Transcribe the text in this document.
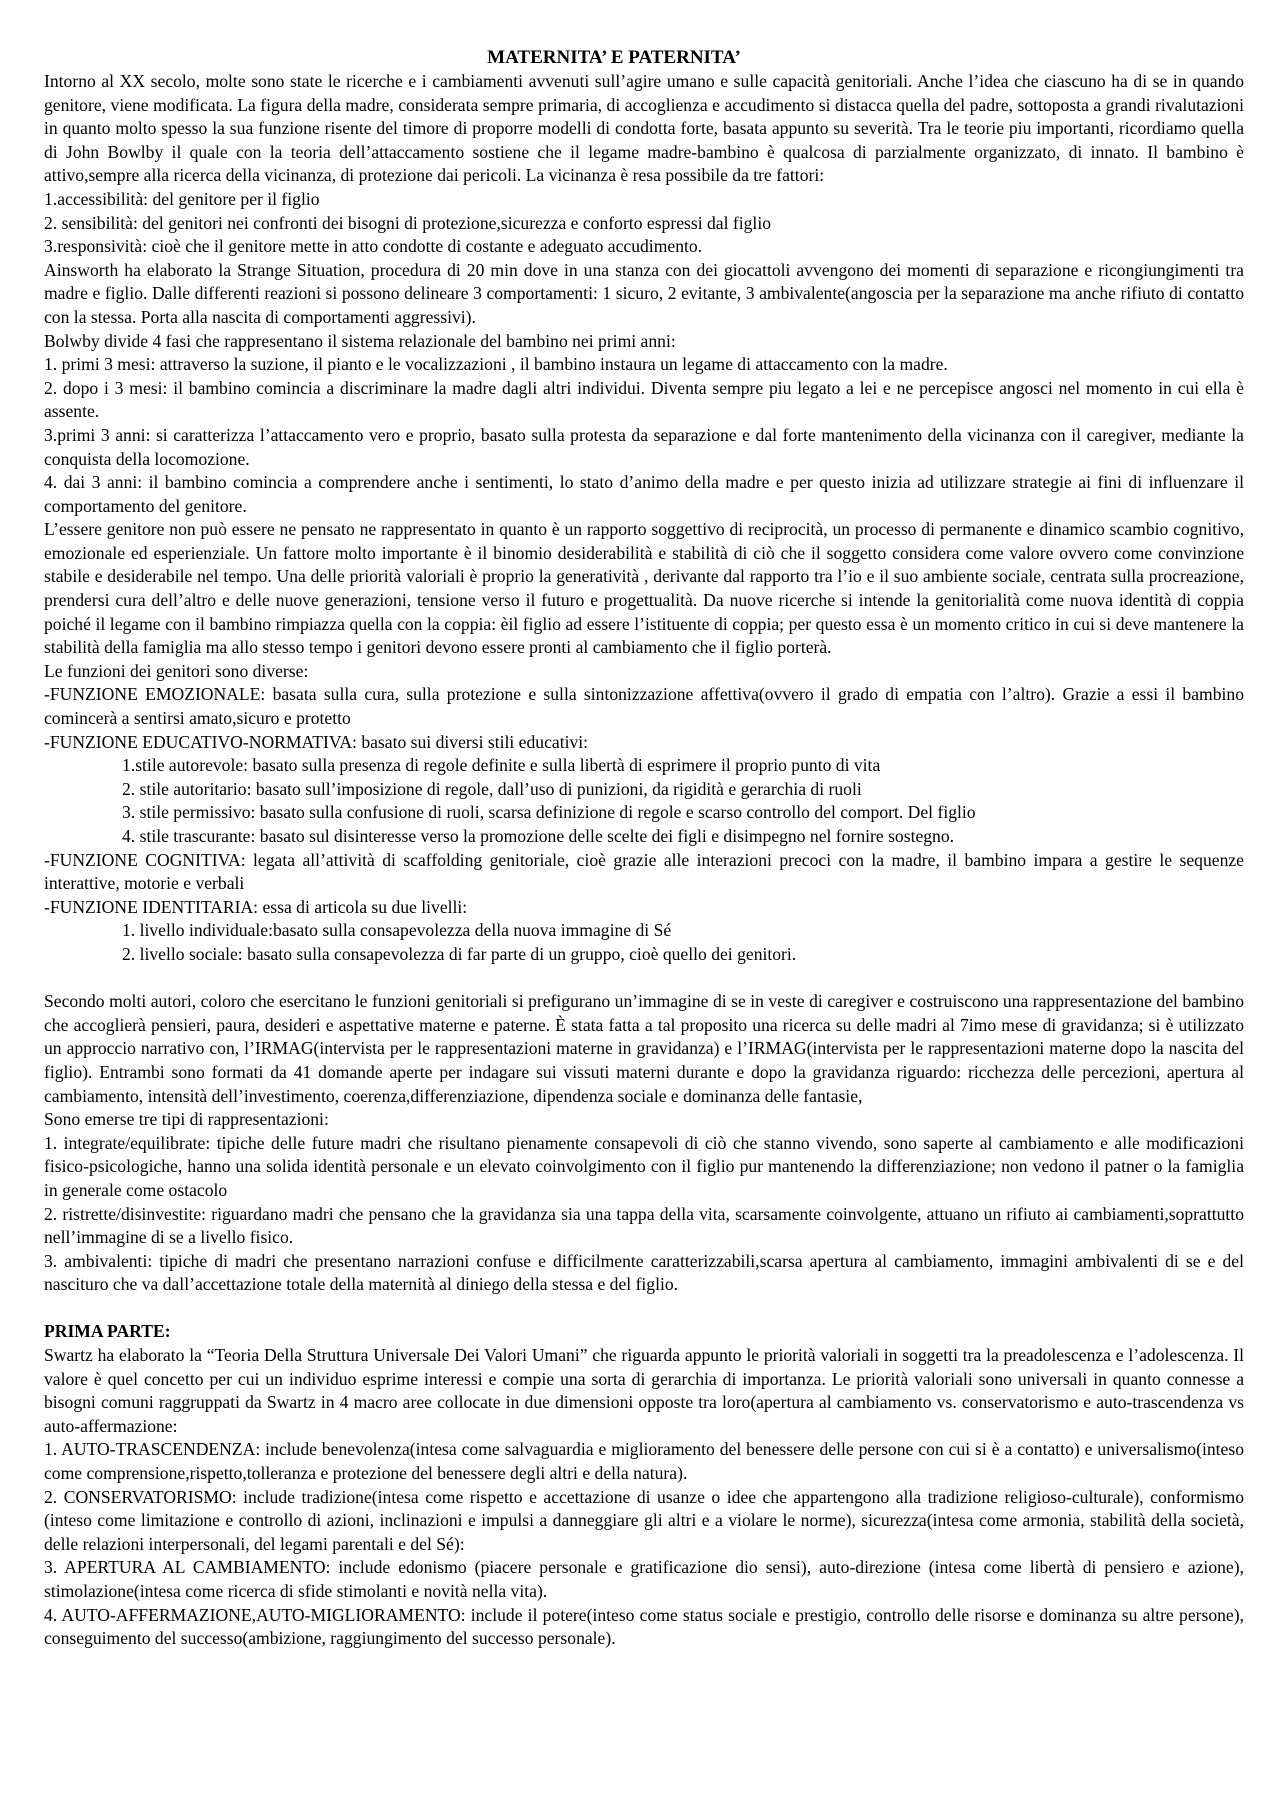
MATERNITA’ E PATERNITA’

Intorno al XX secolo, molte sono state le ricerche e i cambiamenti avvenuti sull’agire umano e sulle capacità genitoriali. Anche l’idea che ciascuno ha di se in quando genitore, viene modificata. La figura della madre, considerata sempre primaria, di accoglienza e accudimento si distacca quella del padre, sottoposta a grandi rivalutazioni in quanto molto spesso la sua funzione risente del timore di proporre modelli di condotta forte, basata appunto su severità. Tra le teorie piu importanti, ricordiamo quella di John Bowlby il quale con la teoria dell’attaccamento sostiene che il legame madre-bambino è qualcosa di parzialmente organizzato, di innato. Il bambino è attivo,sempre alla ricerca della vicinanza, di protezione dai pericoli. La vicinanza è resa possibile da tre fattori:

1.accessibilità: del genitore per il figlio

2. sensibilità: del genitori nei confronti dei bisogni di protezione,sicurezza e conforto espressi dal figlio

3.responsività: cioè che il genitore mette in atto condotte di costante e adeguato accudimento.

Ainsworth ha elaborato la Strange Situation, procedura di 20 min dove in una stanza con dei giocattoli avvengono dei momenti di separazione e ricongiungimenti tra madre e figlio. Dalle differenti reazioni si possono delineare 3 comportamenti: 1 sicuro, 2 evitante, 3 ambivalente(angoscia per la separazione ma anche rifiuto di contatto con la stessa. Porta alla nascita di comportamenti aggressivi).

Bolwby divide 4 fasi che rappresentano il sistema relazionale del bambino nei primi anni:

1. primi 3 mesi: attraverso la suzione, il pianto e le vocalizzazioni , il bambino instaura un legame di attaccamento con la madre.

2. dopo i 3 mesi: il bambino comincia a discriminare la madre dagli altri individui. Diventa sempre piu legato a lei e ne percepisce angosci nel momento in cui ella è assente.

3.primi 3 anni: si caratterizza l’attaccamento vero e proprio, basato sulla protesta da separazione e dal forte mantenimento della vicinanza con il caregiver, mediante la conquista della locomozione.

4. dai 3 anni: il bambino comincia a comprendere anche i sentimenti, lo stato d’animo della madre e per questo inizia ad utilizzare strategie ai fini di influenzare il comportamento del genitore.

L’essere genitore non può essere ne pensato ne rappresentato in quanto è un rapporto soggettivo di reciprocità, un processo di permanente e dinamico scambio cognitivo, emozionale ed esperienziale. Un fattore molto importante è il binomio desiderabilità e stabilità di ciò che il soggetto considera come valore ovvero come convinzione stabile e desiderabile nel tempo. Una delle priorità valoriali è proprio la generatività , derivante dal rapporto tra l’io e il suo ambiente sociale, centrata sulla procreazione, prendersi cura dell’altro e delle nuove generazioni, tensione verso il futuro e progettualità. Da nuove ricerche si intende la genitorialità come nuova identità di coppia poiché il legame con il bambino rimpiazza quella con la coppia: èil figlio ad essere l’istituente di coppia; per questo essa è un momento critico in cui si deve mantenere la stabilità della famiglia ma allo stesso tempo i genitori devono essere pronti al cambiamento che il figlio porterà.

Le funzioni dei genitori sono diverse:

-FUNZIONE EMOZIONALE: basata sulla cura, sulla protezione e sulla sintonizzazione affettiva(ovvero il grado di empatia con l’altro). Grazie a essi il bambino comincerà a sentirsi amato,sicuro e protetto

-FUNZIONE EDUCATIVO-NORMATIVA: basato sui diversi stili educativi:

1.stile autorevole: basato sulla presenza di regole definite e sulla libertà di esprimere il proprio punto di vita

2. stile autoritario: basato sull’imposizione di regole, dall’uso di punizioni, da rigidità e gerarchia di ruoli

3. stile permissivo: basato sulla confusione di ruoli, scarsa definizione di regole e scarso controllo del comport. Del figlio

4. stile trascurante: basato sul disinteresse verso la promozione delle scelte dei figli e disimpegno nel fornire sostegno.

-FUNZIONE COGNITIVA: legata all’attività di scaffolding genitoriale, cioè grazie alle interazioni precoci con la madre, il bambino impara a gestire le sequenze interattive, motorie e verbali

-FUNZIONE IDENTITARIA: essa di articola su due livelli:

1. livello individuale:basato sulla consapevolezza della nuova immagine di Sé

2. livello sociale: basato sulla consapevolezza di far parte di un gruppo, cioè quello dei genitori.

Secondo molti autori, coloro che esercitano le funzioni genitoriali si prefigurano un’immagine di se in veste di caregiver e costruiscono una rappresentazione del bambino che accoglierà pensieri, paura, desideri e aspettative materne e paterne. È stata fatta a tal proposito una ricerca su delle madri al 7imo mese di gravidanza; si è utilizzato un approccio narrativo con, l’IRMAG(intervista per le rappresentazioni materne in gravidanza) e l’IRMAG(intervista per le rappresentazioni materne dopo la nascita del figlio). Entrambi sono formati da 41 domande aperte per indagare sui vissuti materni durante e dopo la gravidanza riguardo: ricchezza delle percezioni, apertura al cambiamento, intensità dell’investimento, coerenza,differenziazione, dipendenza sociale e dominanza delle fantasie,

Sono emerse tre tipi di rappresentazioni:

1. integrate/equilibrate: tipiche delle future madri che risultano pienamente consapevoli di ciò che stanno vivendo, sono saperte al cambiamento e alle modificazioni fisico-psicologiche, hanno una solida identità personale e un elevato coinvolgimento con il figlio pur mantenendo la differenziazione; non vedono il patner o la famiglia in generale come ostacolo

2. ristrette/disinvestite: riguardano madri che pensano che la gravidanza sia una tappa della vita, scarsamente coinvolgente, attuano un rifiuto ai cambiamenti,soprattutto nell’immagine di se a livello fisico.

3. ambivalenti: tipiche di madri che presentano narrazioni confuse e difficilmente caratterizzabili,scarsa apertura al cambiamento, immagini ambivalenti di se e del nascituro che va dall’accettazione totale della maternità al diniego della stessa e del figlio.

PRIMA PARTE:

Swartz ha elaborato la “Teoria Della Struttura Universale Dei Valori Umani” che riguarda appunto le priorità valoriali in soggetti tra la preadolescenza e l’adolescenza. Il valore è quel concetto per cui un individuo esprime interessi e compie una sorta di gerarchia di importanza. Le priorità valoriali sono universali in quanto connesse a bisogni comuni raggruppati da Swartz in 4 macro aree collocate in due dimensioni opposte tra loro(apertura al cambiamento vs. conservatorismo e auto-trascendenza vs auto-affermazione:

1. AUTO-TRASCENDENZA: include benevolenza(intesa come salvaguardia e miglioramento del benessere delle persone con cui si è a contatto) e universalismo(inteso come comprensione,rispetto,tolleranza e protezione del benessere degli altri e della natura).

2. CONSERVATORISMO: include tradizione(intesa come rispetto e accettazione di usanze o idee che appartengono alla tradizione religioso-culturale), conformismo (inteso come limitazione e controllo di azioni, inclinazioni e impulsi a danneggiare gli altri e a violare le norme), sicurezza(intesa come armonia, stabilità della società, delle relazioni interpersonali, del legami parentali e del Sé):

3. APERTURA AL CAMBIAMENTO: include edonismo (piacere personale e gratificazione dio sensi), auto-direzione (intesa come libertà di pensiero e azione), stimolazione(intesa come ricerca di sfide stimolanti e novità nella vita).

4. AUTO-AFFERMAZIONE,AUTO-MIGLIORAMENTO: include il potere(inteso come status sociale e prestigio, controllo delle risorse e dominanza su altre persone), conseguimento del successo(ambizione, raggiungimento del successo personale).
